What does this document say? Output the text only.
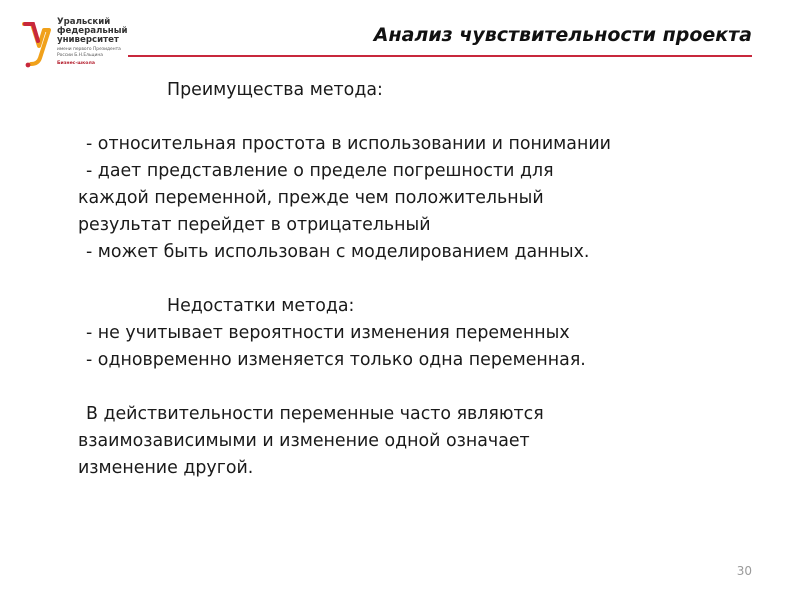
Уральский
федеральный
университет
имени первого Президента
России Б.Н.Ельцина
Бизнес-школа
Анализ чувствительности проекта

Преимущества метода:

- относительная простота в использовании и понимании

- дает представление о пределе погрешности для

каждой переменной, прежде чем положительный

результат перейдет в отрицательный

- может быть использован с моделированием данных.

Недостатки метода:

- не учитывает вероятности изменения переменных

- одновременно изменяется только одна переменная.

В действительности переменные часто являются

взаимозависимыми и изменение одной означает

изменение другой.

30
